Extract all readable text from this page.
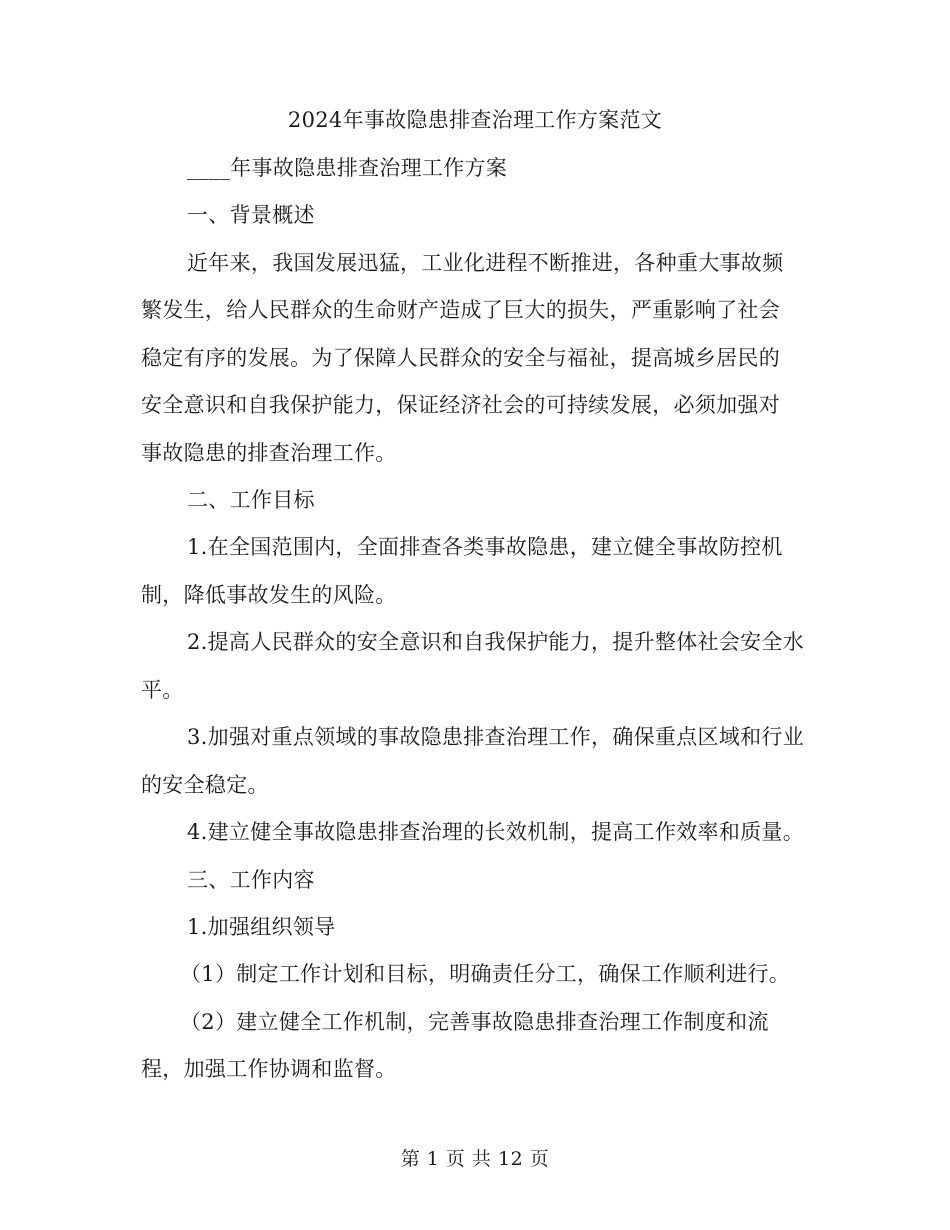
2024年事故隐患排查治理工作方案范文
____年事故隐患排查治理工作方案
一、背景概述
近年来，我国发展迅猛，工业化进程不断推进，各种重大事故频
繁发生，给人民群众的生命财产造成了巨大的损失，严重影响了社会
稳定有序的发展。为了保障人民群众的安全与福祉，提高城乡居民的
安全意识和自我保护能力，保证经济社会的可持续发展，必须加强对
事故隐患的排查治理工作。
二、工作目标
1.在全国范围内，全面排查各类事故隐患，建立健全事故防控机
制，降低事故发生的风险。
2.提高人民群众的安全意识和自我保护能力，提升整体社会安全水
平。
3.加强对重点领域的事故隐患排查治理工作，确保重点区域和行业
的安全稳定。
4.建立健全事故隐患排查治理的长效机制，提高工作效率和质量。
三、工作内容
1.加强组织领导
（1）制定工作计划和目标，明确责任分工，确保工作顺利进行。
（2）建立健全工作机制，完善事故隐患排查治理工作制度和流
程，加强工作协调和监督。
第 1 页 共 12 页
